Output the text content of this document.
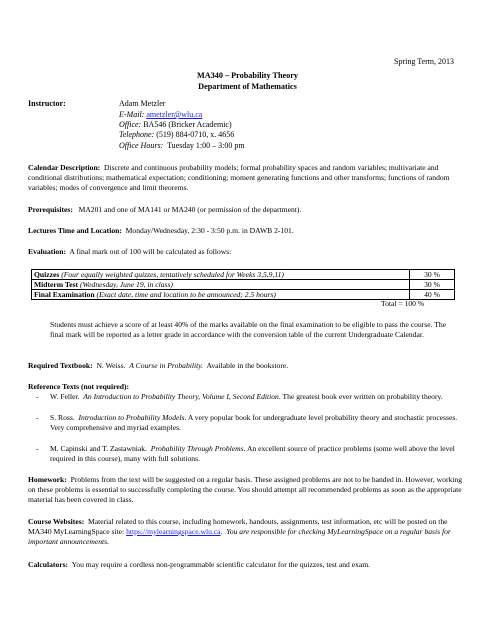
Spring Term, 2013
MA340 – Probability Theory
Department of Mathematics
Instructor:	Adam Metzler
E-Mail: ametzler@wlu.ca
Office: BA546 (Bricker Academic)
Telephone: (519) 884-0710, x. 4656
Office Hours: Tuesday 1:00 – 3:00 pm
Calendar Description: Discrete and continuous probability models; formal probability spaces and random variables; multivariate and conditional distributions; mathematical expectation; conditioning; moment generating functions and other transforms; functions of random variables; modes of convergence and limit theorems.
Prerequisites: MA201 and one of MA141 or MA240 (or permission of the department).
Lectures Time and Location: Monday/Wednesday, 2:30 - 3:50 p.m. in DAWB 2-101.
Evaluation: A final mark out of 100 will be calculated as follows:
Quizzes (Four equally weighted quizzes, tentatively scheduled for Weeks 3,5,9,11)	30 %
Midterm Test (Wednesday, June 19, in class)	30 %
Final Examination (Exact date, time and location to be announced; 2.5 hours)	40 %
Total = 100 %
Students must achieve a score of at least 40% of the marks available on the final examination to be eligible to pass the course. The final mark will be reported as a letter grade in accordance with the conversion table of the current Undergraduate Calendar.
Required Textbook: N. Weiss. A Course in Probability. Available in the bookstore.
Reference Texts (not required):
- W. Feller. An Introduction to Probability Theory, Volume I, Second Edition. The greatest book ever written on probability theory.
- S. Ross. Introduction to Probability Models. A very popular book for undergraduate level probability theory and stochastic processes. Very comprehensive and myriad examples.
- M. Capinski and T. Zastawniak. Probability Through Problems. An excellent source of practice problems (some well above the level required in this course), many with full solutions.
Homework: Problems from the text will be suggested on a regular basis. These assigned problems are not to be handed in. However, working on these problems is essential to successfully completing the course. You should attempt all recommended problems as soon as the appropriate material has been covered in class.
Course Websites: Material related to this course, including homework, handouts, assignments, test information, etc will be posted on the MA340 MyLearningSpace site: https://mylearningspace.wlu.ca.  You are responsible for checking MyLearningSpace on a regular basis for important announcements.
Calculators: You may require a cordless non-programmable scientific calculator for the quizzes, test and exam.
